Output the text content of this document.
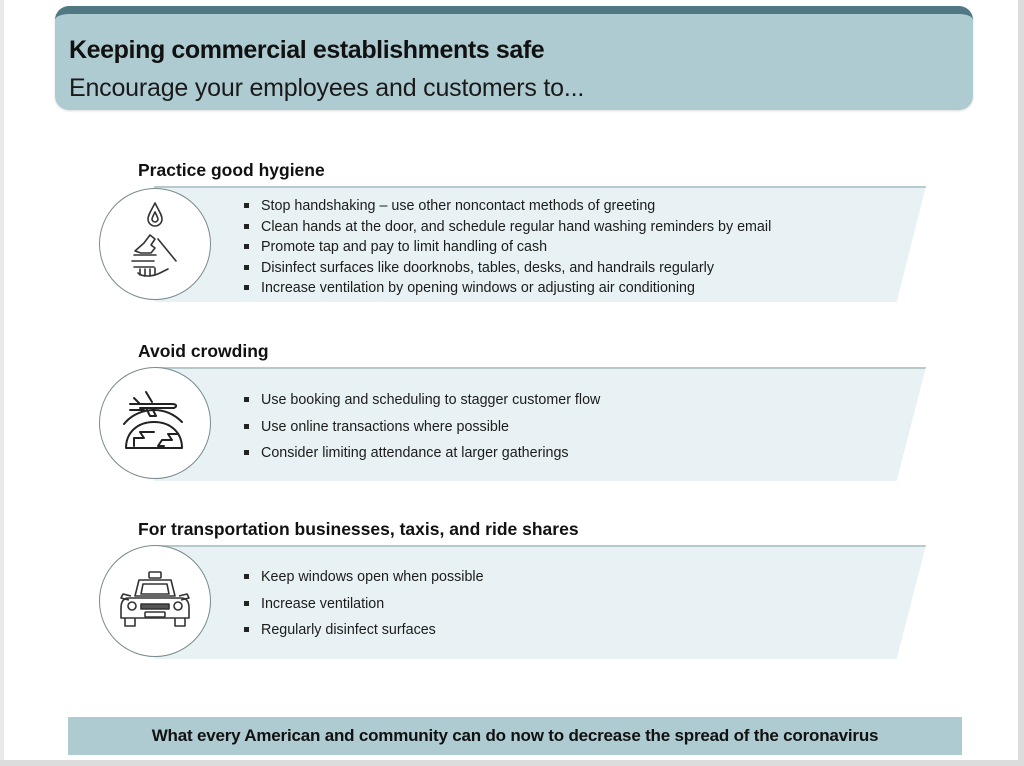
Keeping commercial establishments safe
Encourage your employees and customers to...
Practice good hygiene
Stop handshaking – use other noncontact methods of greeting
Clean hands at the door, and schedule regular hand washing reminders by email
Promote tap and pay to limit handling of cash
Disinfect surfaces like doorknobs, tables, desks, and handrails regularly
Increase ventilation by opening windows or adjusting air conditioning
Avoid crowding
Use booking and scheduling to stagger customer flow
Use online transactions where possible
Consider limiting attendance at larger gatherings
For transportation businesses, taxis, and ride shares
Keep windows open when possible
Increase ventilation
Regularly disinfect surfaces
What every American and community can do now to decrease the spread of the coronavirus
